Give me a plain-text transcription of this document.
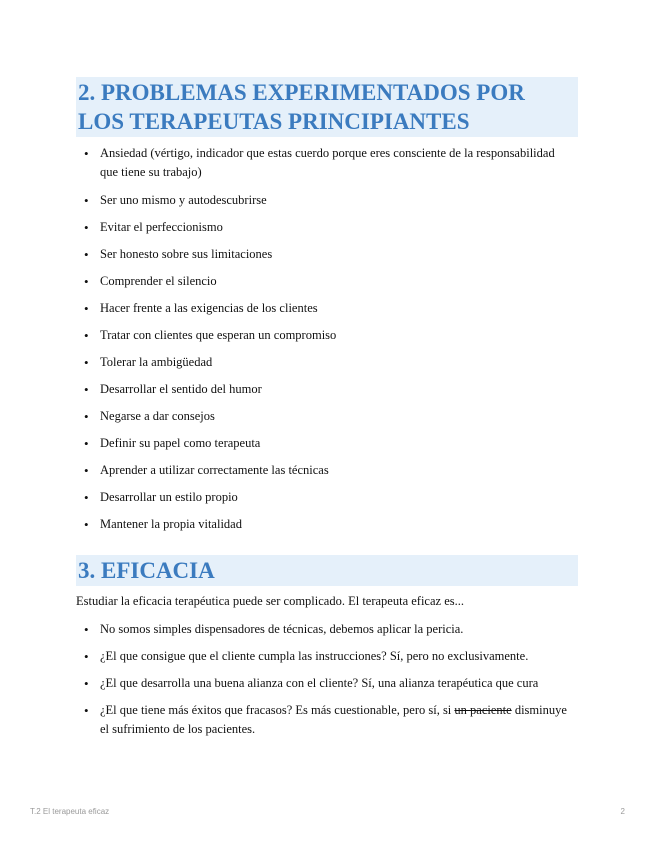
2. PROBLEMAS EXPERIMENTADOS POR
LOS TERAPEUTAS PRINCIPIANTES
• Ansiedad (vértigo, indicador que estas cuerdo porque eres consciente de la responsabilidad que tiene su trabajo)
• Ser uno mismo y autodescubrirse
• Evitar el perfeccionismo
• Ser honesto sobre sus limitaciones
• Comprender el silencio
• Hacer frente a las exigencias de los clientes
• Tratar con clientes que esperan un compromiso
• Tolerar la ambigüedad
• Desarrollar el sentido del humor
• Negarse a dar consejos
• Definir su papel como terapeuta
• Aprender a utilizar correctamente las técnicas
• Desarrollar un estilo propio
• Mantener la propia vitalidad
3. EFICACIA
Estudiar la eficacia terapéutica puede ser complicado. El terapeuta eficaz es...
• No somos simples dispensadores de técnicas, debemos aplicar la pericia.
• ¿El que consigue que el cliente cumpla las instrucciones? Sí, pero no exclusivamente.
• ¿El que desarrolla una buena alianza con el cliente? Sí, una alianza terapéutica que cura
• ¿El que tiene más éxitos que fracasos? Es más cuestionable, pero sí, si un paciente disminuye el sufrimiento de los pacientes.
T.2 El terapeuta eficaz	2
